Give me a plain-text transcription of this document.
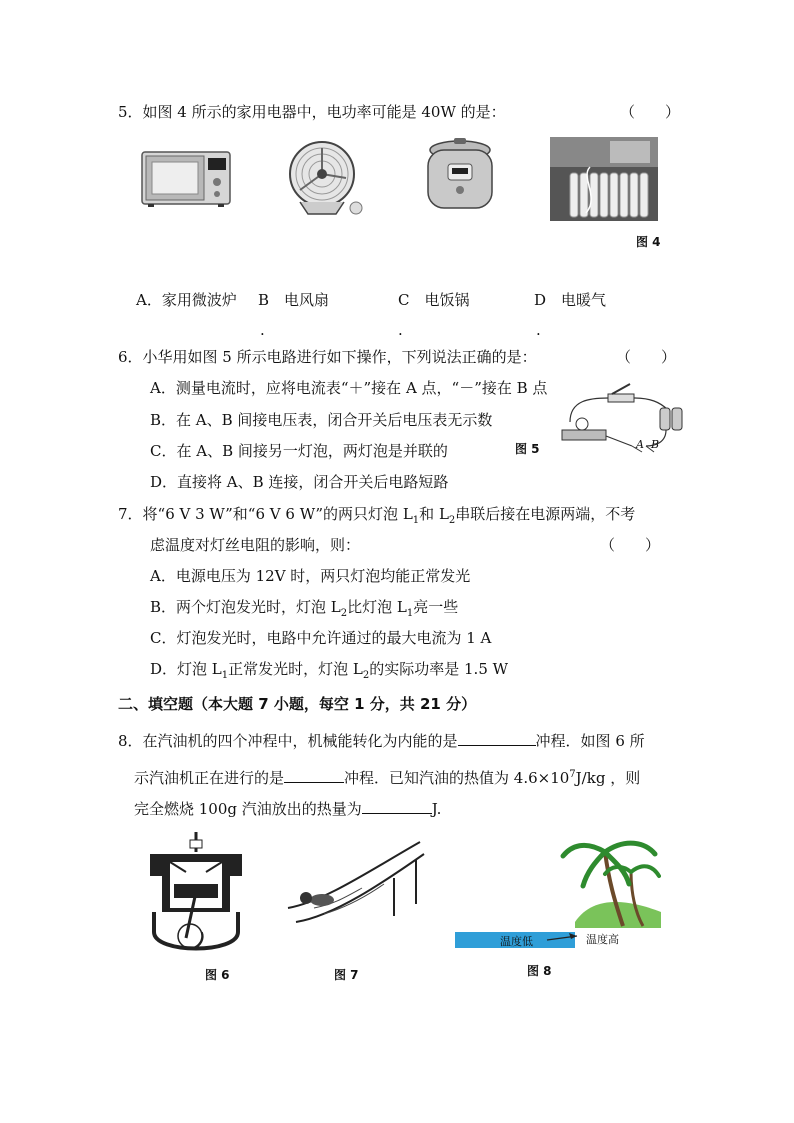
5．如图 4 所示的家用电器中，电功率可能是 40W 的是：	（　　）
图 4
A．家用微波炉 B　电风扇	C　电饭锅	D　电暖气
.	.	.
6．小华用如图 5 所示电路进行如下操作，下列说法正确的是：	（　　）
A．测量电流时，应将电流表“＋”接在 A 点，“－”接在 B 点
B．在 A、B 间接电压表，闭合开关后电压表无示数
C．在 A、B 间接另一灯泡，两灯泡是并联的
D．直接将 A、B 连接，闭合开关后电路短路
图 5	A B
7．将“6 V 3 W”和“6 V 6 W”的两只灯泡 $L_1$和 $L_2$串联后接在电源两端，不考
虑温度对灯丝电阻的影响，则：	（　　）
A．电源电压为 12V 时，两只灯泡均能正常发光
B．两个灯泡发光时，灯泡 $L_2$比灯泡 $L_1$亮一些
C．灯泡发光时，电路中允许通过的最大电流为 1 A
D．灯泡 $L_1$正常发光时，灯泡 $L_2$的实际功率是 1.5 W
二、填空题（本大题 7 小题，每空 1 分，共 21 分）
8．在汽油机的四个冲程中，机械能转化为内能的是	冲程．如图 6 所
示汽油机正在进行的是	冲程．已知汽油的热值为 $4.6\times 10^7J/kg$ ，则
完全燃烧 100g 汽油放出的热量为	J.
图 6	图 7
温度低	温度高
图 8
